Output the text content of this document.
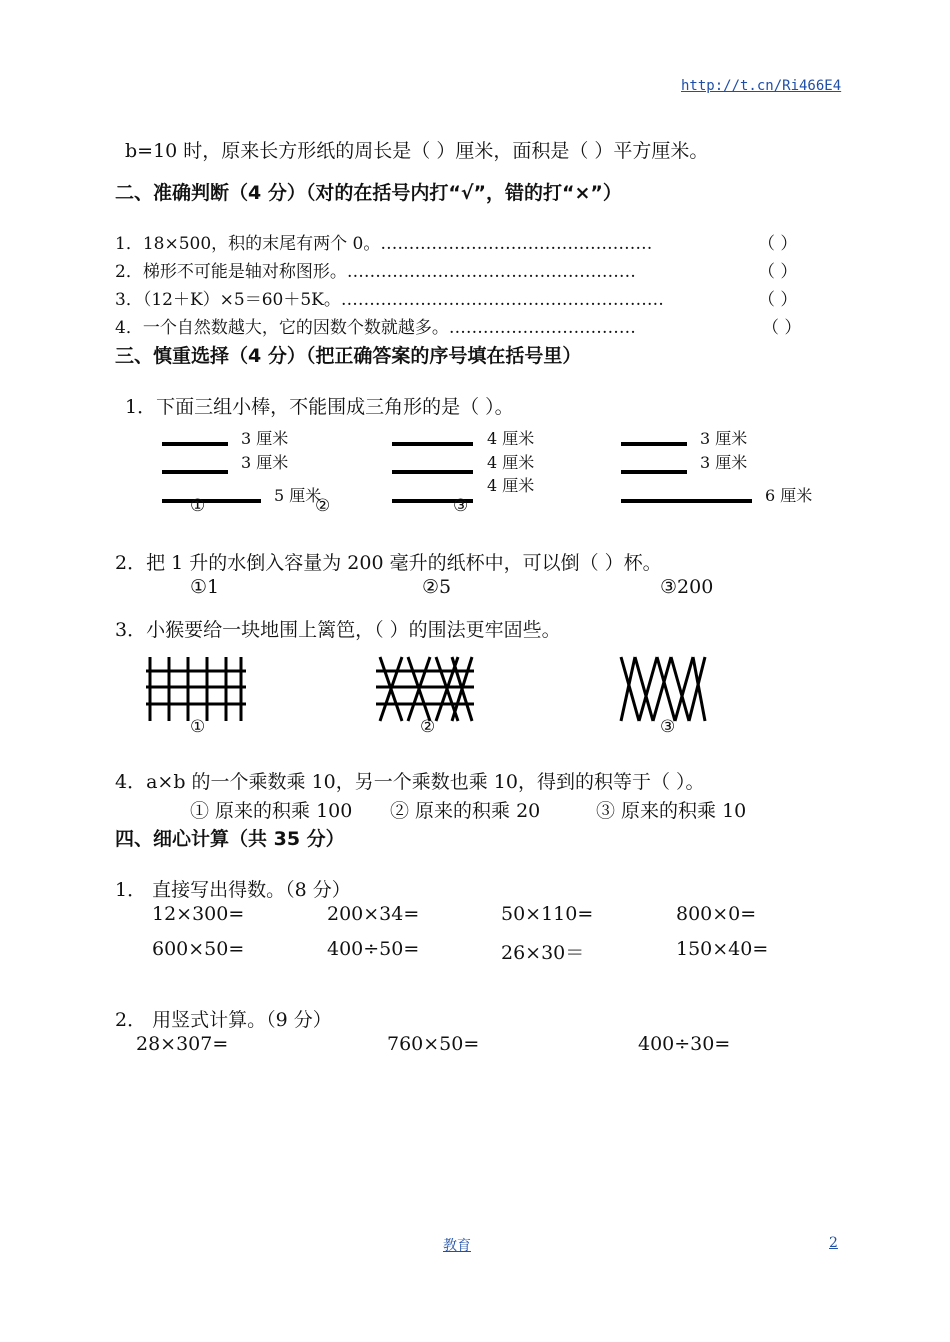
http://t.cn/Ri466E4
b=10 时，原来长方形纸的周长是（ ）厘米，面积是（ ）平方厘米。
二、准确判断（4 分）（对的在括号内打“√”，错的打“×”）
1．18×500，积的末尾有两个 0。…………………………………………	（ ）
2．梯形不可能是轴对称图形。……………………………………………	（ ）
3．（12＋K）×5＝60＋5K。…………………………………………………	（ ）
4．一个自然数越大，它的因数个数就越多。……………………………	（ ）
三、慎重选择（4 分）（把正确答案的序号填在括号里）
1．下面三组小棒，不能围成三角形的是（ ）。
3 厘米
3 厘米
5 厘米
①
4 厘米
4 厘米
4 厘米
②	③
3 厘米
3 厘米
6 厘米
2．把 1 升的水倒入容量为 200 毫升的纸杯中，可以倒（ ）杯。
①1	②5	③200
3．小猴要给一块地围上篱笆，（ ）的围法更牢固些。
①	②	③
4．a×b 的一个乘数乘 10，另一个乘数也乘 10，得到的积等于（ ）。
① 原来的积乘 100 ② 原来的积乘 20	③ 原来的积乘 10
四、细心计算（共 35 分）
1． 直接写出得数。（8 分）
12×300=	200×34=	50×110=	800×0=
600×50=	400÷50=	26×30＝	150×40=
2． 用竖式计算。（9 分）
28×307=	760×50=	400÷30=
教育	2
